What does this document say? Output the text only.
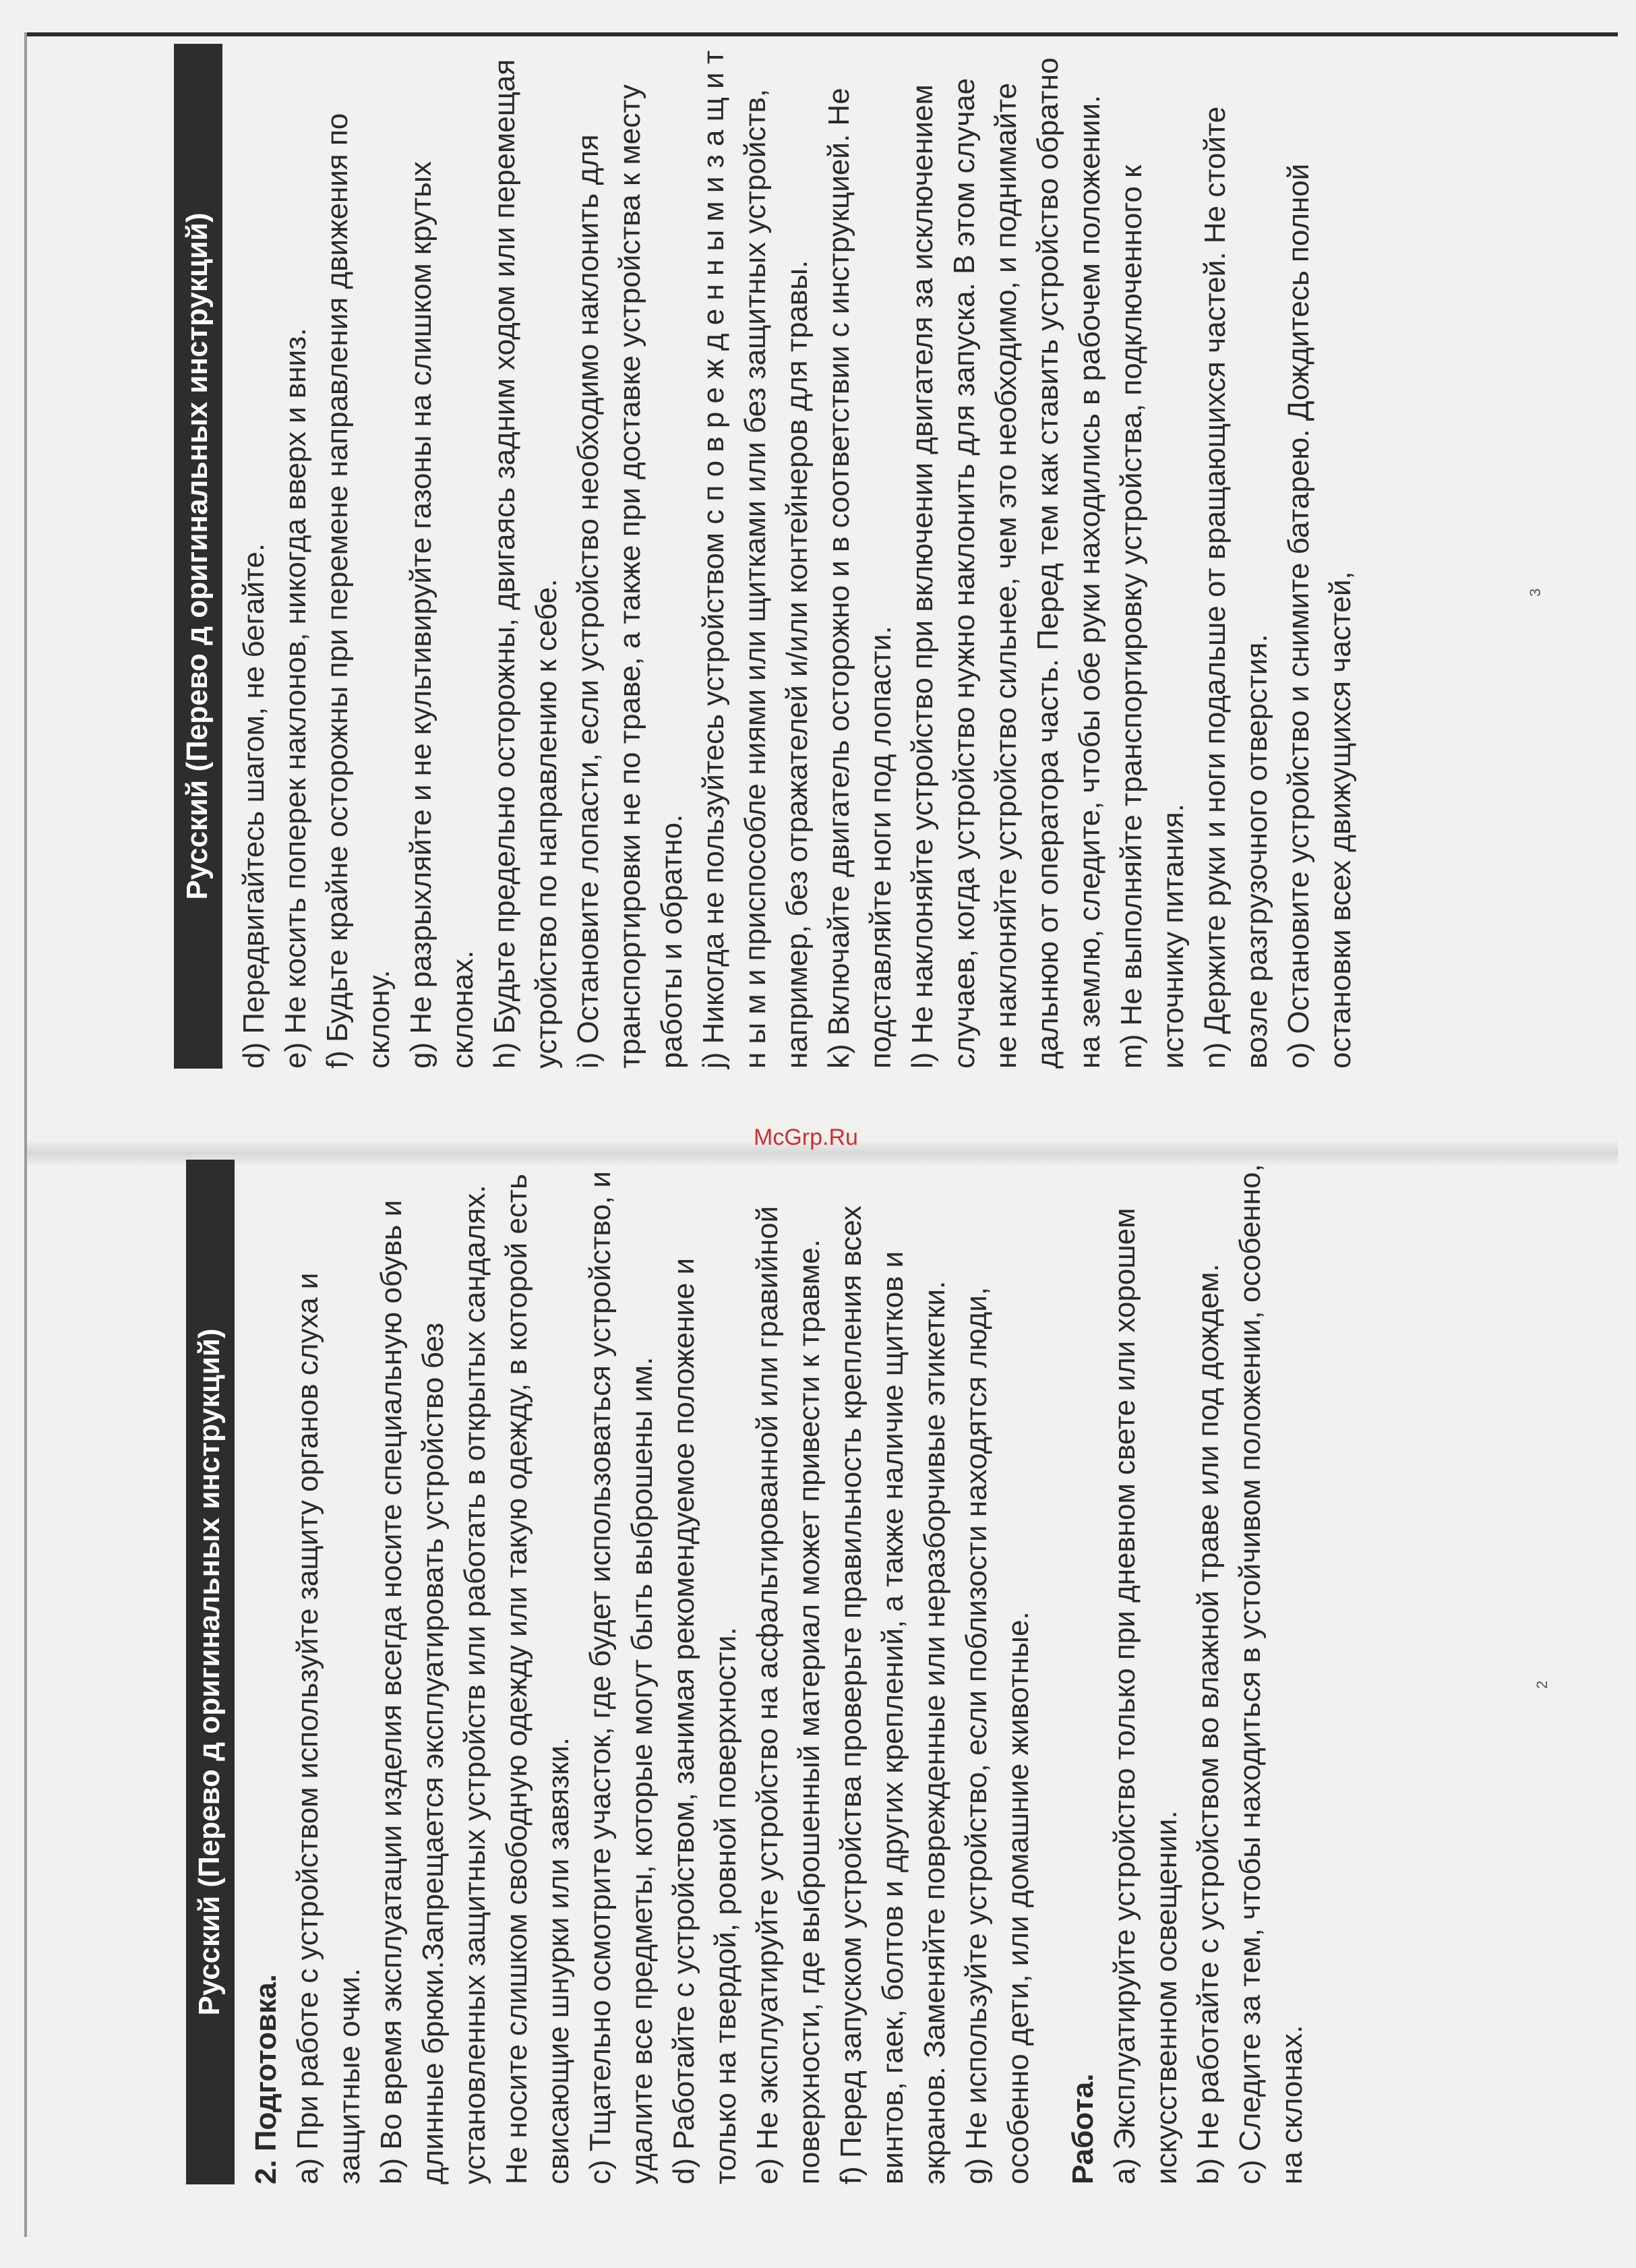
Русский (Перево д оригинальных инструкций) d) Передвигайтесь шагом, не бегайте. e) Не косить поперек наклонов, никогда вверх и вниз. f) Будьте крайне осторожны при перемене направления движения по склону. g) Не разрыхляйте и не культивируйте газоны на слишком крутых склонах. h) Будьте предельно осторожны, двигаясь задним ходом или перемещая устройство по направлению к себе. i) Остановите лопасти, если устройство необходимо наклонить для транспортировки не по траве, а также при доставке устройства к месту работы и обратно. j) Никогда не пользуйтесь устройством с п о в р е ж д е н н ы м и з а щ и т н ы м и приспособле ниями или щитками или без защитных устройств, например, без отражателей и/или контейнеров для травы. k) Включайте двигатель осторожно и в соответствии с инструкцией. Не подставляйте ноги под лопасти. l) Не наклоняйте устройство при включении двигателя за исключением случаев, когда устройство нужно наклонить для запуска. В этом случае не наклоняйте устройство сильнее, чем это необходимо, и поднимайте дальнюю от оператора часть. Перед тем как ставить устройство обратно на землю, следите, чтобы обе руки находились в рабочем положении. m) Не выполняйте транспортировку устройства, подключенного к источнику питания. n) Держите руки и ноги подальше от вращающихся частей. Не стойте возле разгрузочного отверстия. o) Остановите устройство и снимите батарею. Дождитесь полной остановки всех движущихся частей,

Русский (Перево д оригинальных инструкций)

2. Подготовка. a) При работе с устройством используйте защиту органов слуха и защитные очки. b) Во время эксплуатации изделия всегда носите специальную обувь и длинные брюки.Запрещается эксплуатировать устройство без установленных защитных устройств или работать в открытых сандалях. Не носите слишком свободную одежду или такую одежду, в которой есть свисающие шнурки или завязки. c) Тщательно осмотрите участок, где будет использоваться устройство, и удалите все предметы, которые могут быть выброшены им. d) Работайте с устройством, занимая рекомендуемое положение и только на твердой, ровной поверхности. e) Не эксплуатируйте устройство на асфальтированной или гравийной поверхности, где выброшенный материал может привести к травме. f) Перед запуском устройства проверьте правильность крепления всех винтов, гаек, болтов и других креплений, а также наличие щитков и экранов. Заменяйте поврежденные или неразборчивые этикетки. g) Не используйте устройство, если поблизости находятся люди, особенно дети, или домашние животные. Работа. a) Эксплуатируйте устройство только при дневном свете или хорошем искусственном освещении. b) Не работайте с устройством во влажной траве или под дождем. c) Следите за тем, чтобы находиться в устойчивом положении, особенно, на склонах.

3
2
McGrp.Ru
